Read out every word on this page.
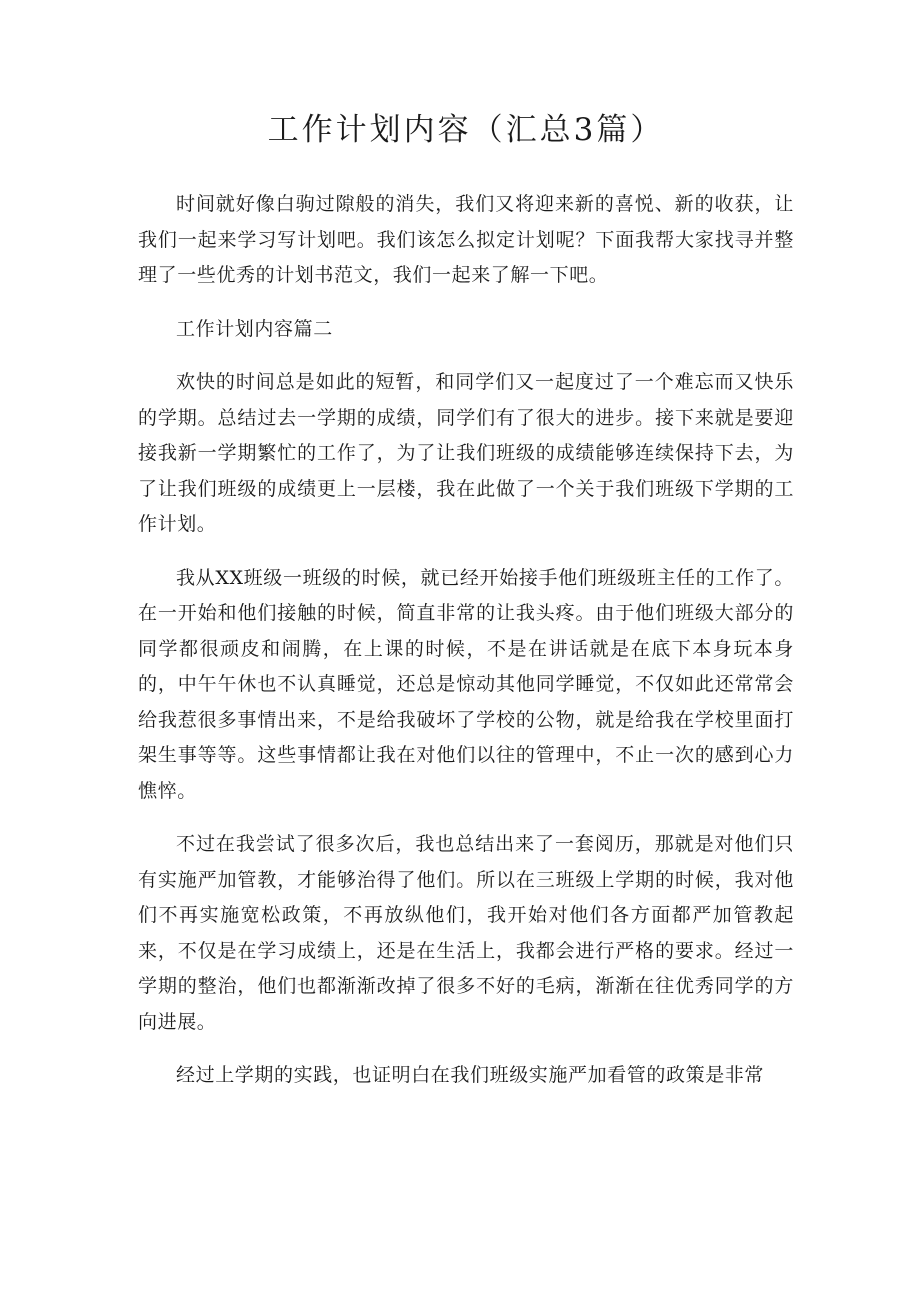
工作计划内容（汇总3篇）

时间就好像白驹过隙般的消失，我们又将迎来新的喜悦、新的收获，让我们一起来学习写计划吧。我们该怎么拟定计划呢？下面我帮大家找寻并整理了一些优秀的计划书范文，我们一起来了解一下吧。

工作计划内容篇二

欢快的时间总是如此的短暂，和同学们又一起度过了一个难忘而又快乐的学期。总结过去一学期的成绩，同学们有了很大的进步。接下来就是要迎接我新一学期繁忙的工作了，为了让我们班级的成绩能够连续保持下去，为了让我们班级的成绩更上一层楼，我在此做了一个关于我们班级下学期的工作计划。

我从XX班级一班级的时候，就已经开始接手他们班级班主任的工作了。在一开始和他们接触的时候，简直非常的让我头疼。由于他们班级大部分的同学都很顽皮和闹腾，在上课的时候，不是在讲话就是在底下本身玩本身的，中午午休也不认真睡觉，还总是惊动其他同学睡觉，不仅如此还常常会给我惹很多事情出来，不是给我破坏了学校的公物，就是给我在学校里面打架生事等等。这些事情都让我在对他们以往的管理中，不止一次的感到心力憔悴。

不过在我尝试了很多次后，我也总结出来了一套阅历，那就是对他们只有实施严加管教，才能够治得了他们。所以在三班级上学期的时候，我对他们不再实施宽松政策，不再放纵他们，我开始对他们各方面都严加管教起来，不仅是在学习成绩上，还是在生活上，我都会进行严格的要求。经过一学期的整治，他们也都渐渐改掉了很多不好的毛病，渐渐在往优秀同学的方向进展。

经过上学期的实践，也证明白在我们班级实施严加看管的政策是非常
